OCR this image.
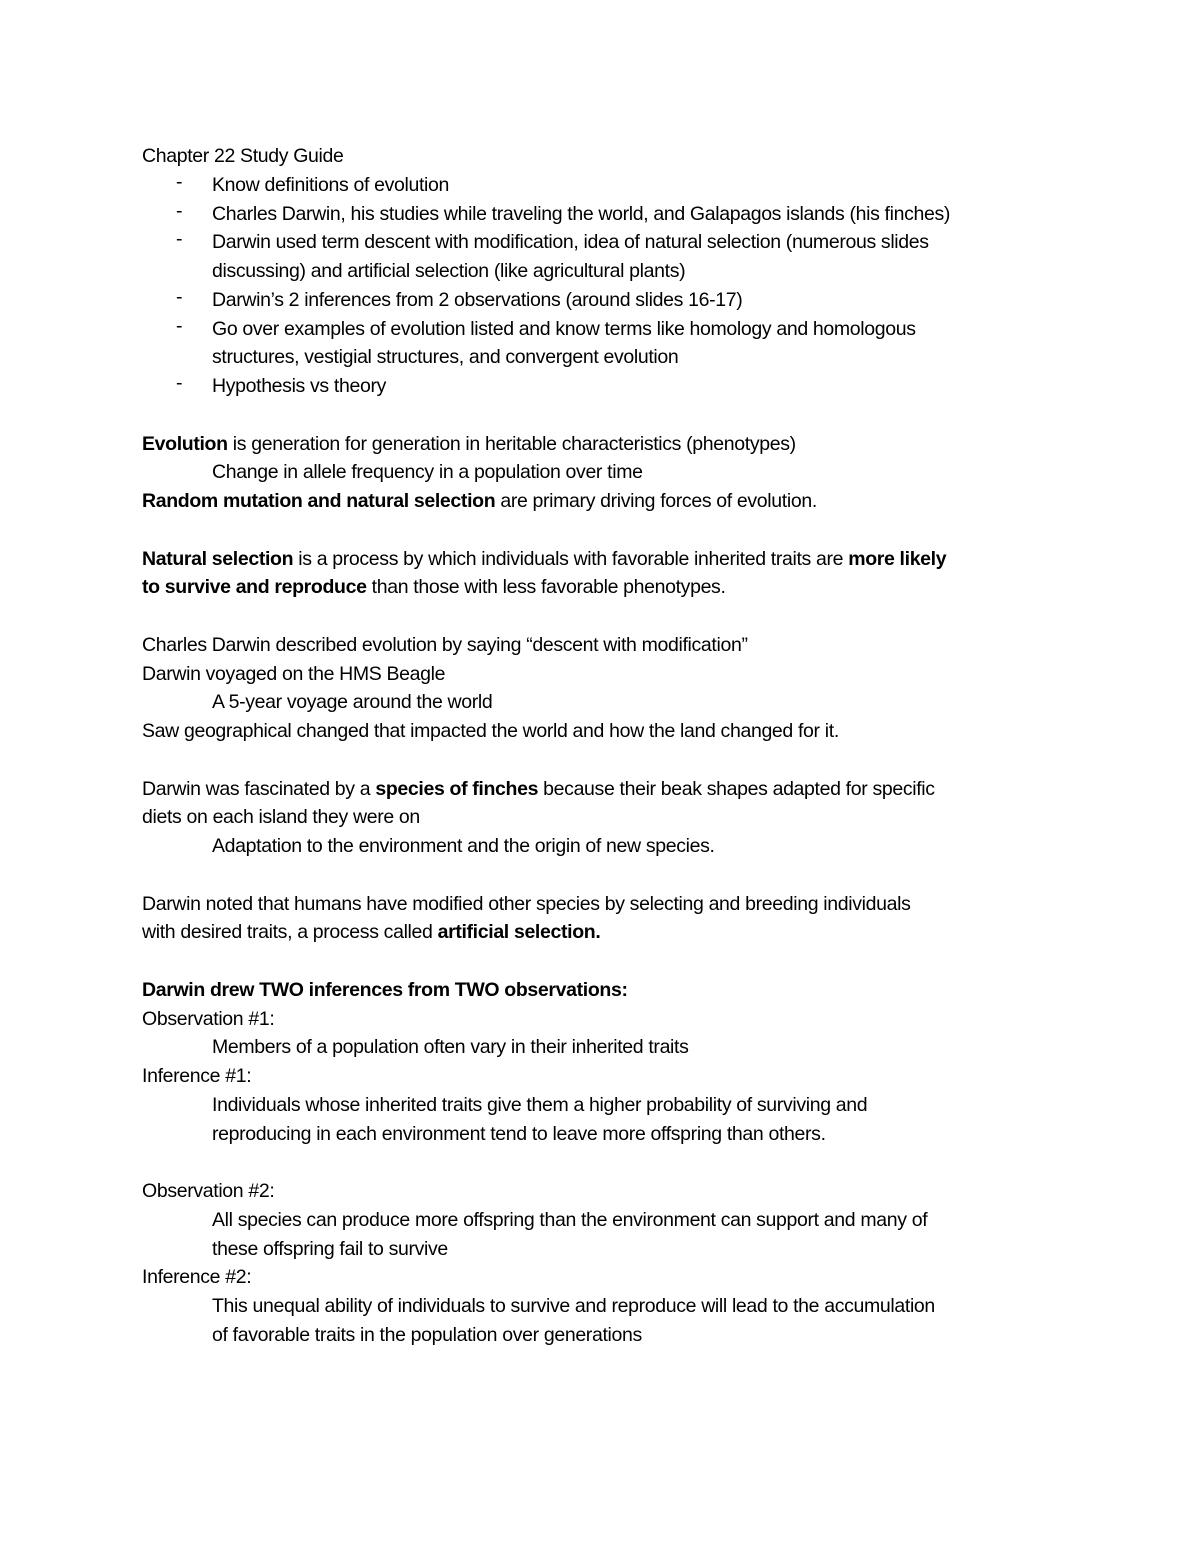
Chapter 22 Study Guide
-	Know definitions of evolution
-	Charles Darwin, his studies while traveling the world, and Galapagos islands (his finches)
-	Darwin used term descent with modification, idea of natural selection (numerous slides
discussing) and artificial selection (like agricultural plants)
-	Darwin’s 2 inferences from 2 observations (around slides 16-17)
-	Go over examples of evolution listed and know terms like homology and homologous
structures, vestigial structures, and convergent evolution
-	Hypothesis vs theory
Evolution is generation for generation in heritable characteristics (phenotypes)
Change in allele frequency in a population over time
Random mutation and natural selection are primary driving forces of evolution.
Natural selection is a process by which individuals with favorable inherited traits are more likely
to survive and reproduce than those with less favorable phenotypes.
Charles Darwin described evolution by saying “descent with modification”
Darwin voyaged on the HMS Beagle
A 5-year voyage around the world
Saw geographical changed that impacted the world and how the land changed for it.
Darwin was fascinated by a species of finches because their beak shapes adapted for specific
diets on each island they were on
Adaptation to the environment and the origin of new species.
Darwin noted that humans have modified other species by selecting and breeding individuals
with desired traits, a process called artificial selection.
Darwin drew TWO inferences from TWO observations:
Observation #1:
Members of a population often vary in their inherited traits
Inference #1:
Individuals whose inherited traits give them a higher probability of surviving and
reproducing in each environment tend to leave more offspring than others.
Observation #2:
All species can produce more offspring than the environment can support and many of
these offspring fail to survive
Inference #2:
This unequal ability of individuals to survive and reproduce will lead to the accumulation
of favorable traits in the population over generations
